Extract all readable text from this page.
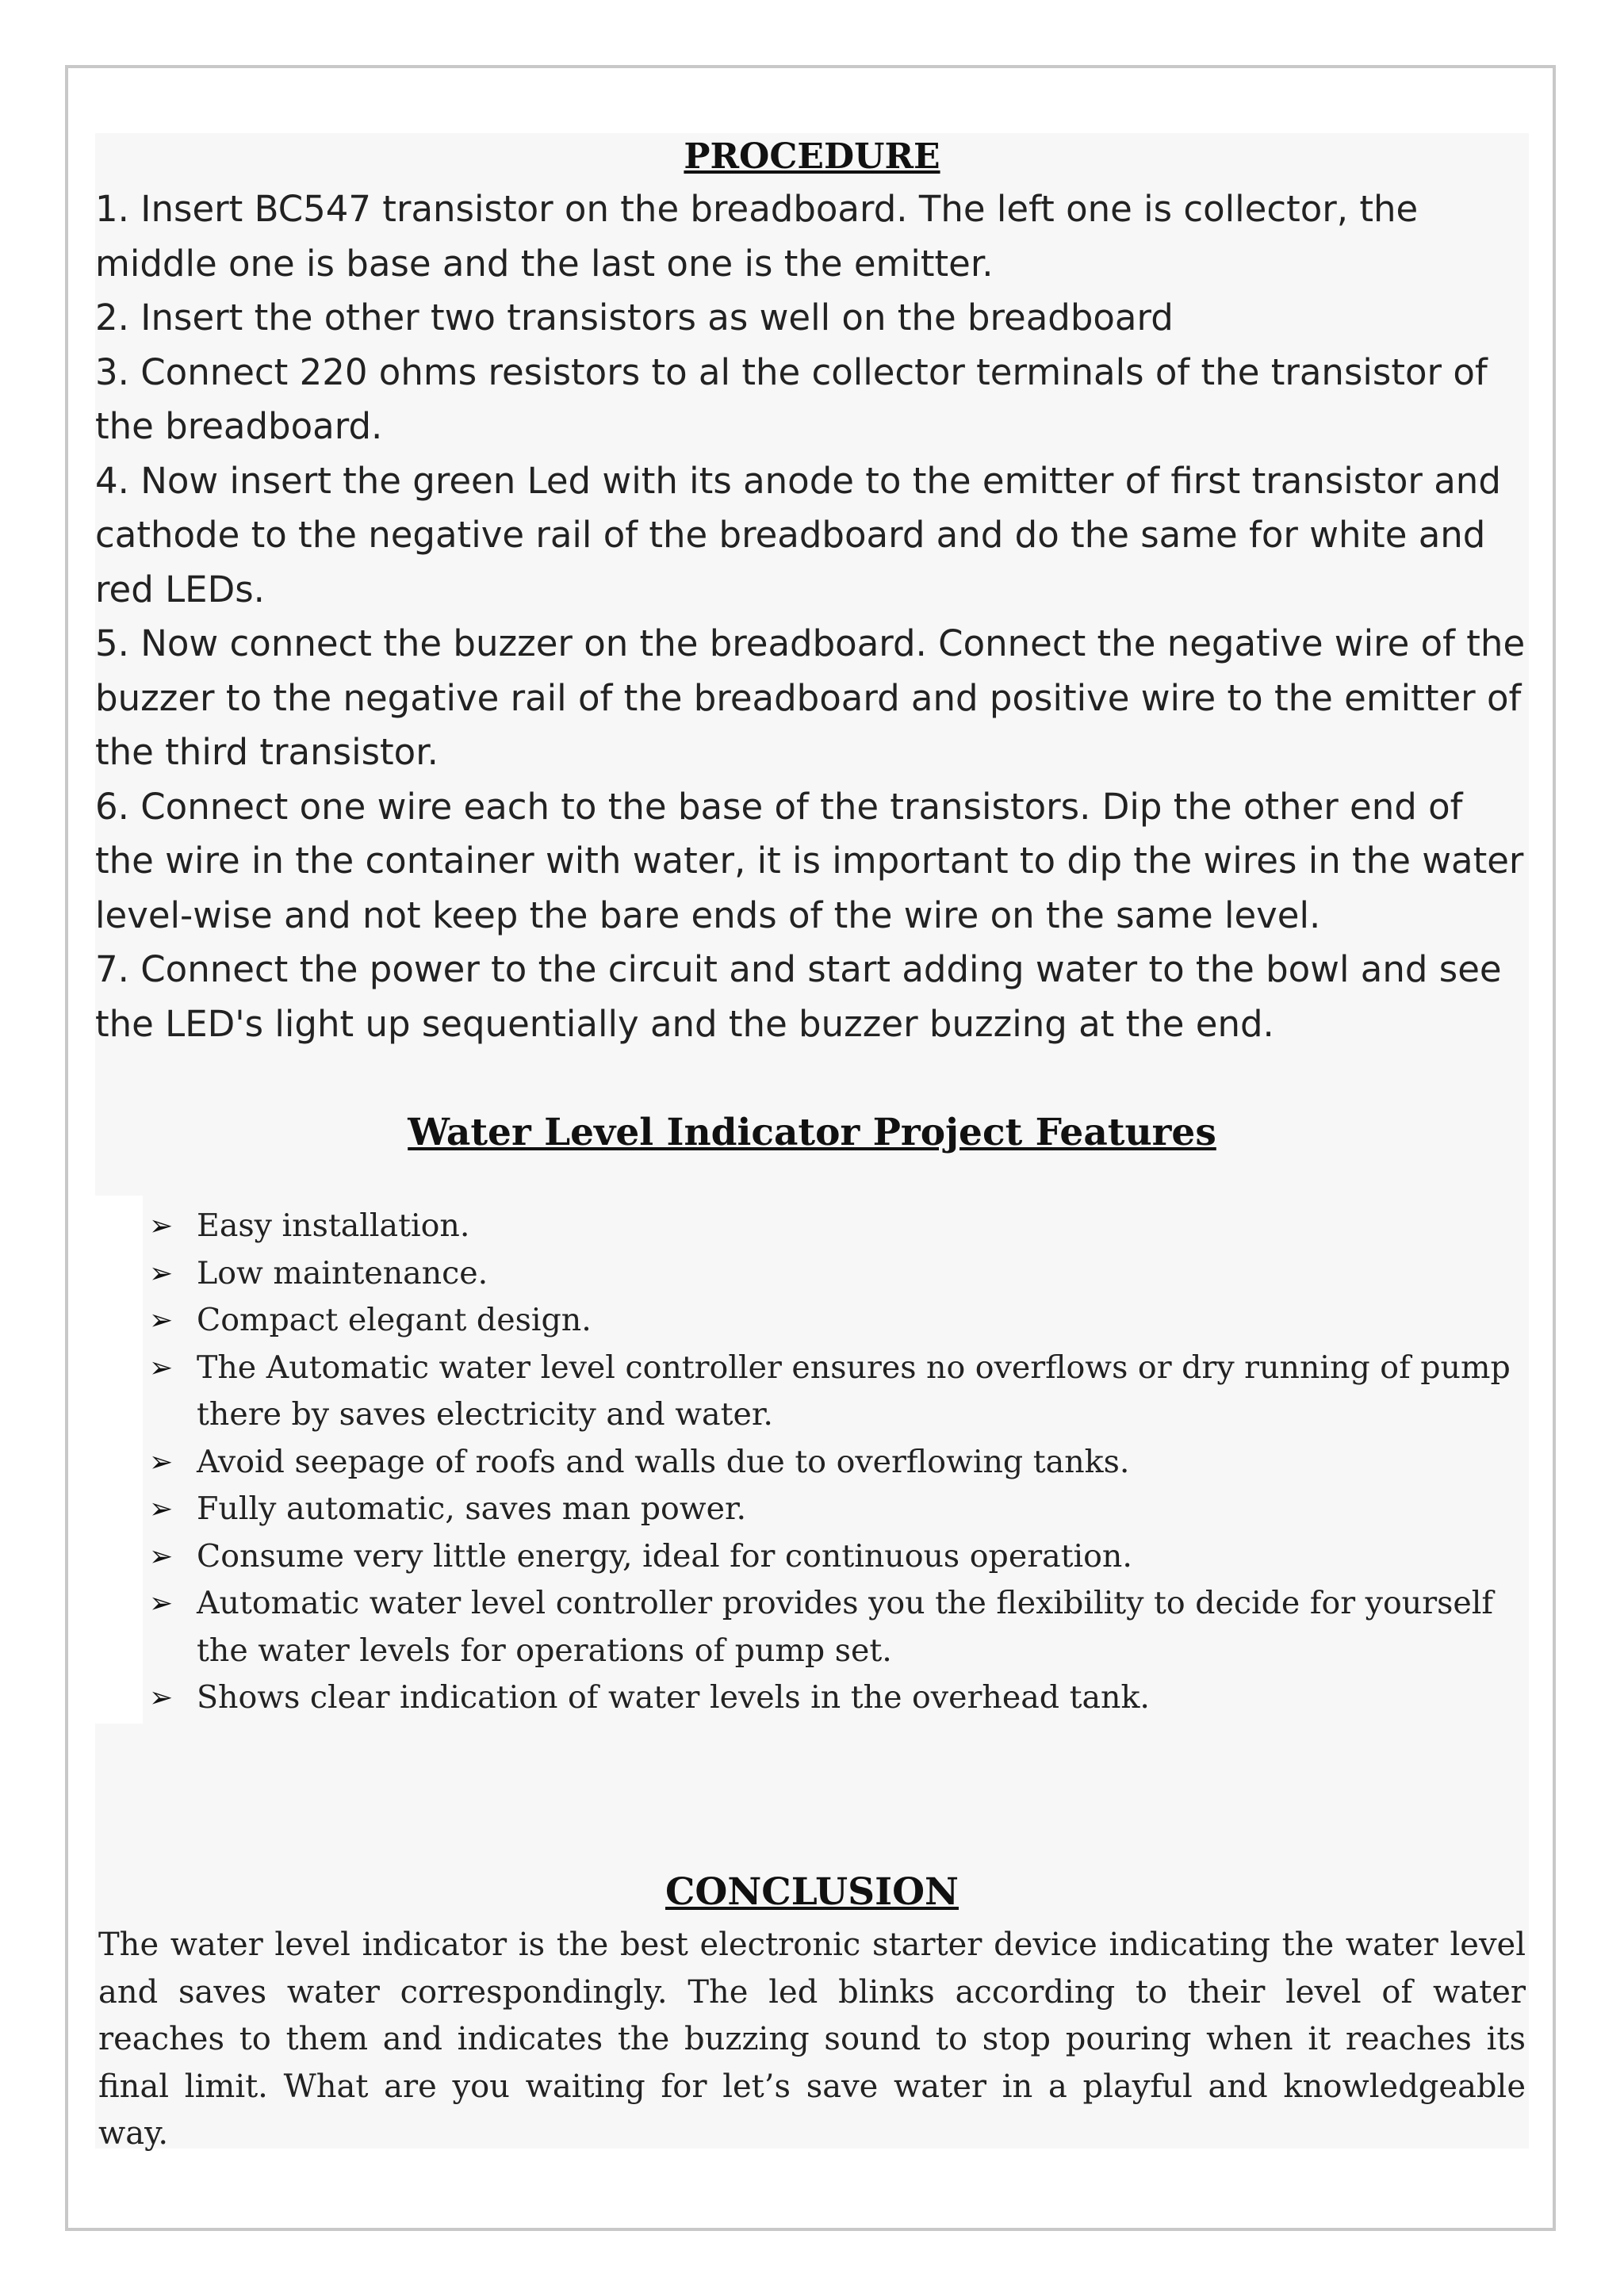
PROCEDURE

1. Insert BC547 transistor on the breadboard. The left one is collector, the middle one is base and the last one is the emitter.

2. Insert the other two transistors as well on the breadboard

3. Connect 220 ohms resistors to al the collector terminals of the transistor of the breadboard.

4. Now insert the green Led with its anode to the emitter of first transistor and cathode to the negative rail of the breadboard and do the same for white and red LEDs.

5. Now connect the buzzer on the breadboard. Connect the negative wire of the buzzer to the negative rail of the breadboard and positive wire to the emitter of the third transistor.

6. Connect one wire each to the base of the transistors. Dip the other end of the wire in the container with water, it is important to dip the wires in the water level-wise and not keep the bare ends of the wire on the same level.

7. Connect the power to the circuit and start adding water to the bowl and see the LED's light up sequentially and the buzzer buzzing at the end.

Water Level Indicator Project Features
➢ Easy installation.
➢ Low maintenance.
➢ Compact elegant design.
➢ The Automatic water level controller ensures no overflows or dry running of pump there by saves electricity and water.
➢ Avoid seepage of roofs and walls due to overflowing tanks.
➢ Fully automatic, saves man power.
➢ Consume very little energy, ideal for continuous operation.
➢ Automatic water level controller provides you the flexibility to decide for yourself the water levels for operations of pump set.
➢ Shows clear indication of water levels in the overhead tank.
CONCLUSION

The water level indicator is the best electronic starter device indicating the water level and saves water correspondingly. The led blinks according to their level of water reaches to them and indicates the buzzing sound to stop pouring when it reaches its final limit. What are you waiting for let’s save water in a playful and knowledgeable way.
